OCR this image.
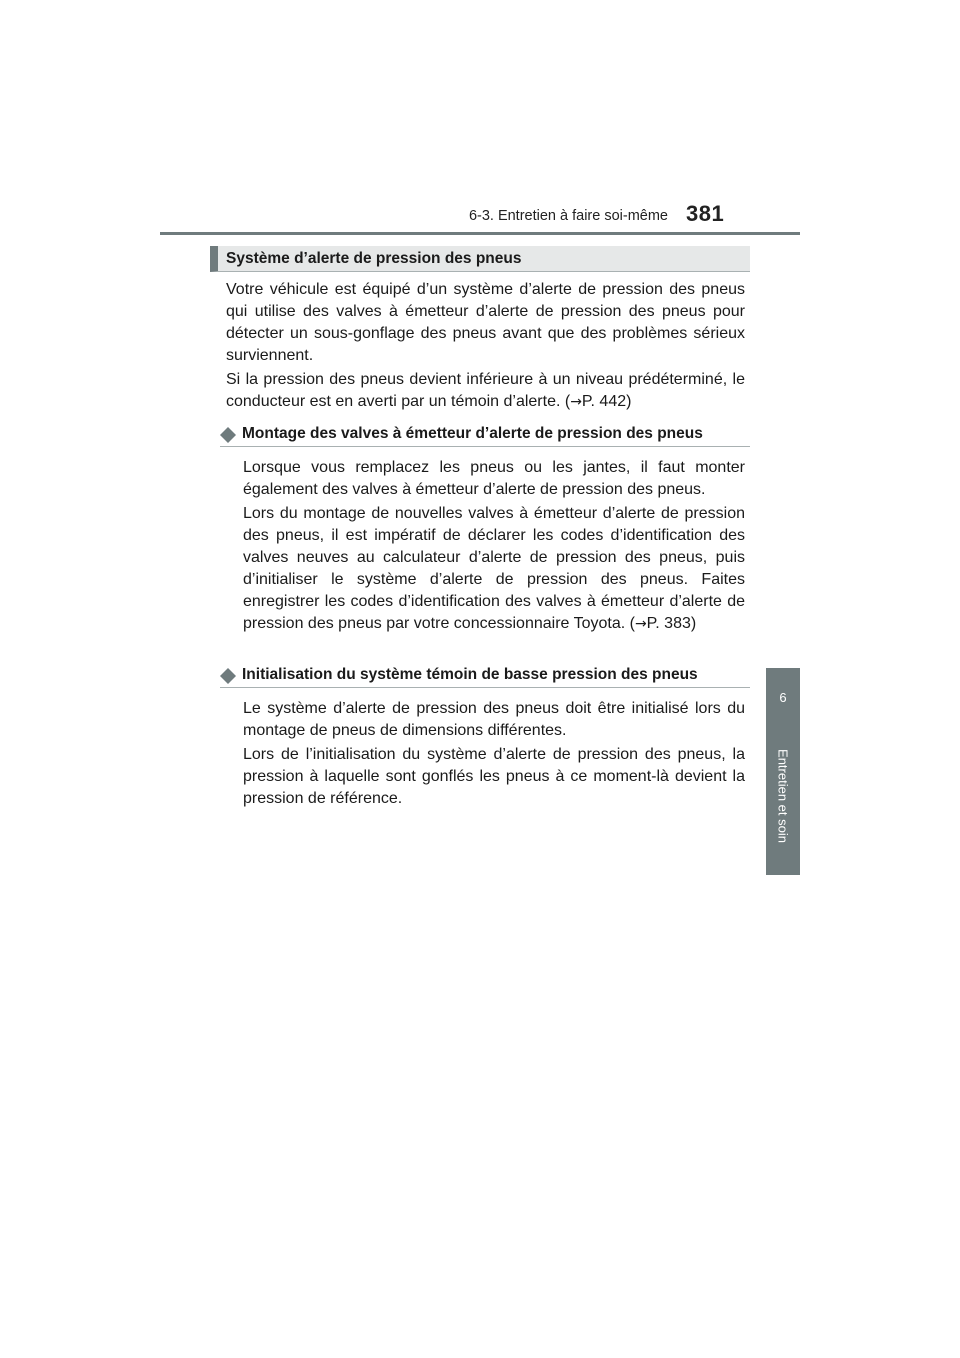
6-3. Entretien à faire soi-même 381
6
Entretien et soin
Système d’alerte de pression des pneus

Votre véhicule est équipé d’un système d’alerte de pression des pneus qui utilise des valves à émetteur d’alerte de pression des pneus pour détecter un sous-gonflage des pneus avant que des problèmes sérieux surviennent.

Si la pression des pneus devient inférieure à un niveau prédéterminé, le conducteur est en averti par un témoin d’alerte. (→P. 442)

Montage des valves à émetteur d’alerte de pression des pneus

Lorsque vous remplacez les pneus ou les jantes, il faut monter également des valves à émetteur d’alerte de pression des pneus.

Lors du montage de nouvelles valves à émetteur d’alerte de pression des pneus, il est impératif de déclarer les codes d’identification des valves neuves au calculateur d’alerte de pression des pneus, puis d’initialiser le système d’alerte de pression des pneus. Faites enregistrer les codes d’identification des valves à émetteur d’alerte de pression des pneus par votre concessionnaire Toyota. (→P. 383)

Initialisation du système témoin de basse pression des pneus

Le système d’alerte de pression des pneus doit être initialisé lors du montage de pneus de dimensions différentes.

Lors de l’initialisation du système d’alerte de pression des pneus, la pression à laquelle sont gonflés les pneus à ce moment-là devient la pression de référence.
